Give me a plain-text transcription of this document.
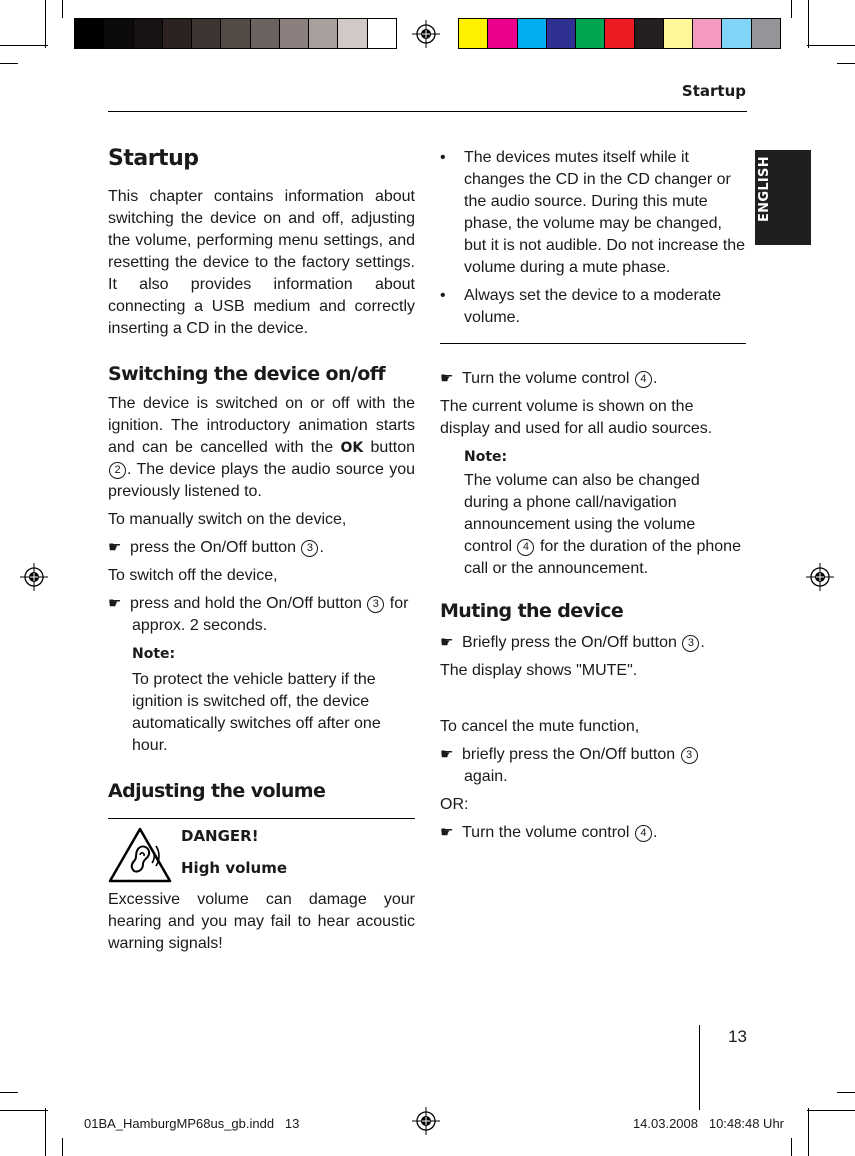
Startup
ENGLISH
Startup

This chapter contains information about switching the device on and off, adjusting the volume, performing menu settings, and resetting the device to the factory settings. It also provides information about connecting a USB medium and correctly inserting a CD in the device.

Switching the device on/off

The device is switched on or off with the ignition. The introductory animation starts and can be cancelled with the OK button 2 . The device plays the audio source you previously listened to.

To manually switch on the device,

☛ press the On/Off button 3 .

To switch off the device,

☛ press and hold the On/Off button 3 for approx. 2 seconds.

Note:

To protect the vehicle battery if the ignition is switched off, the device automatically switches off after one hour.

Adjusting the volume

DANGER!

High volume

Excessive volume can damage your hearing and you may fail to hear acoustic warning signals!

• The devices mutes itself while it changes the CD in the CD changer or the audio source. During this mute phase, the volume may be changed, but it is not audible. Do not increase the volume during a mute phase.

• Always set the device to a moderate volume.

☛ Turn the volume control 4 .

The current volume is shown on the display and used for all audio sources.

Note:

The volume can also be changed during a phone call/navigation announcement using the volume control 4 for the duration of the phone call or the announcement.

Muting the device

☛ Briefly press the On/Off button 3 .

The display shows "MUTE".

To cancel the mute function,

☛ briefly press the On/Off button 3
again.

OR:

☛ Turn the volume control 4 .

13
01BA_HamburgMP68us_gb.indd   13	14.03.2008   10:48:48 Uhr
